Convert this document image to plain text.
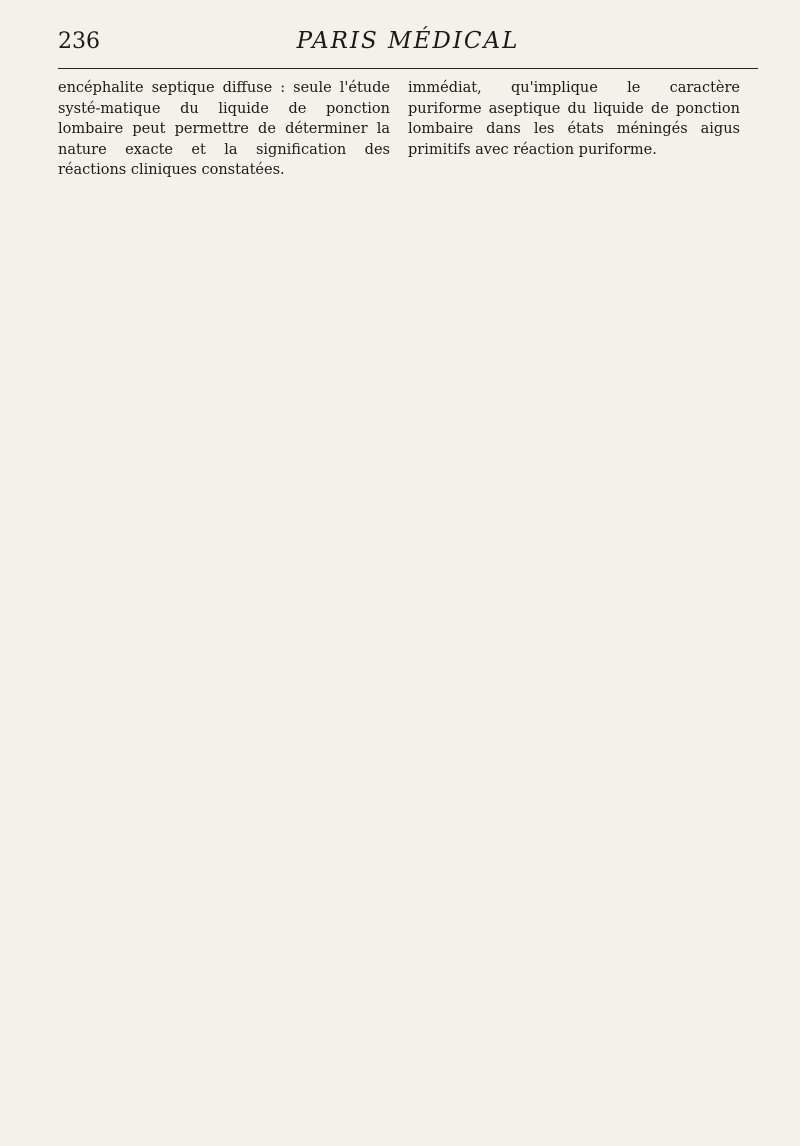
236	PARIS MÉDICAL

encéphalite septique diffuse : seule l'étude systé-matique du liquide de ponction lombaire peut permettre de déterminer la nature exacte et la signification des réactions cliniques constatées.

immédiat, qu'implique le caractère puriforme aseptique du liquide de ponction lombaire dans les états méningés aigus primitifs avec réaction puriforme.
